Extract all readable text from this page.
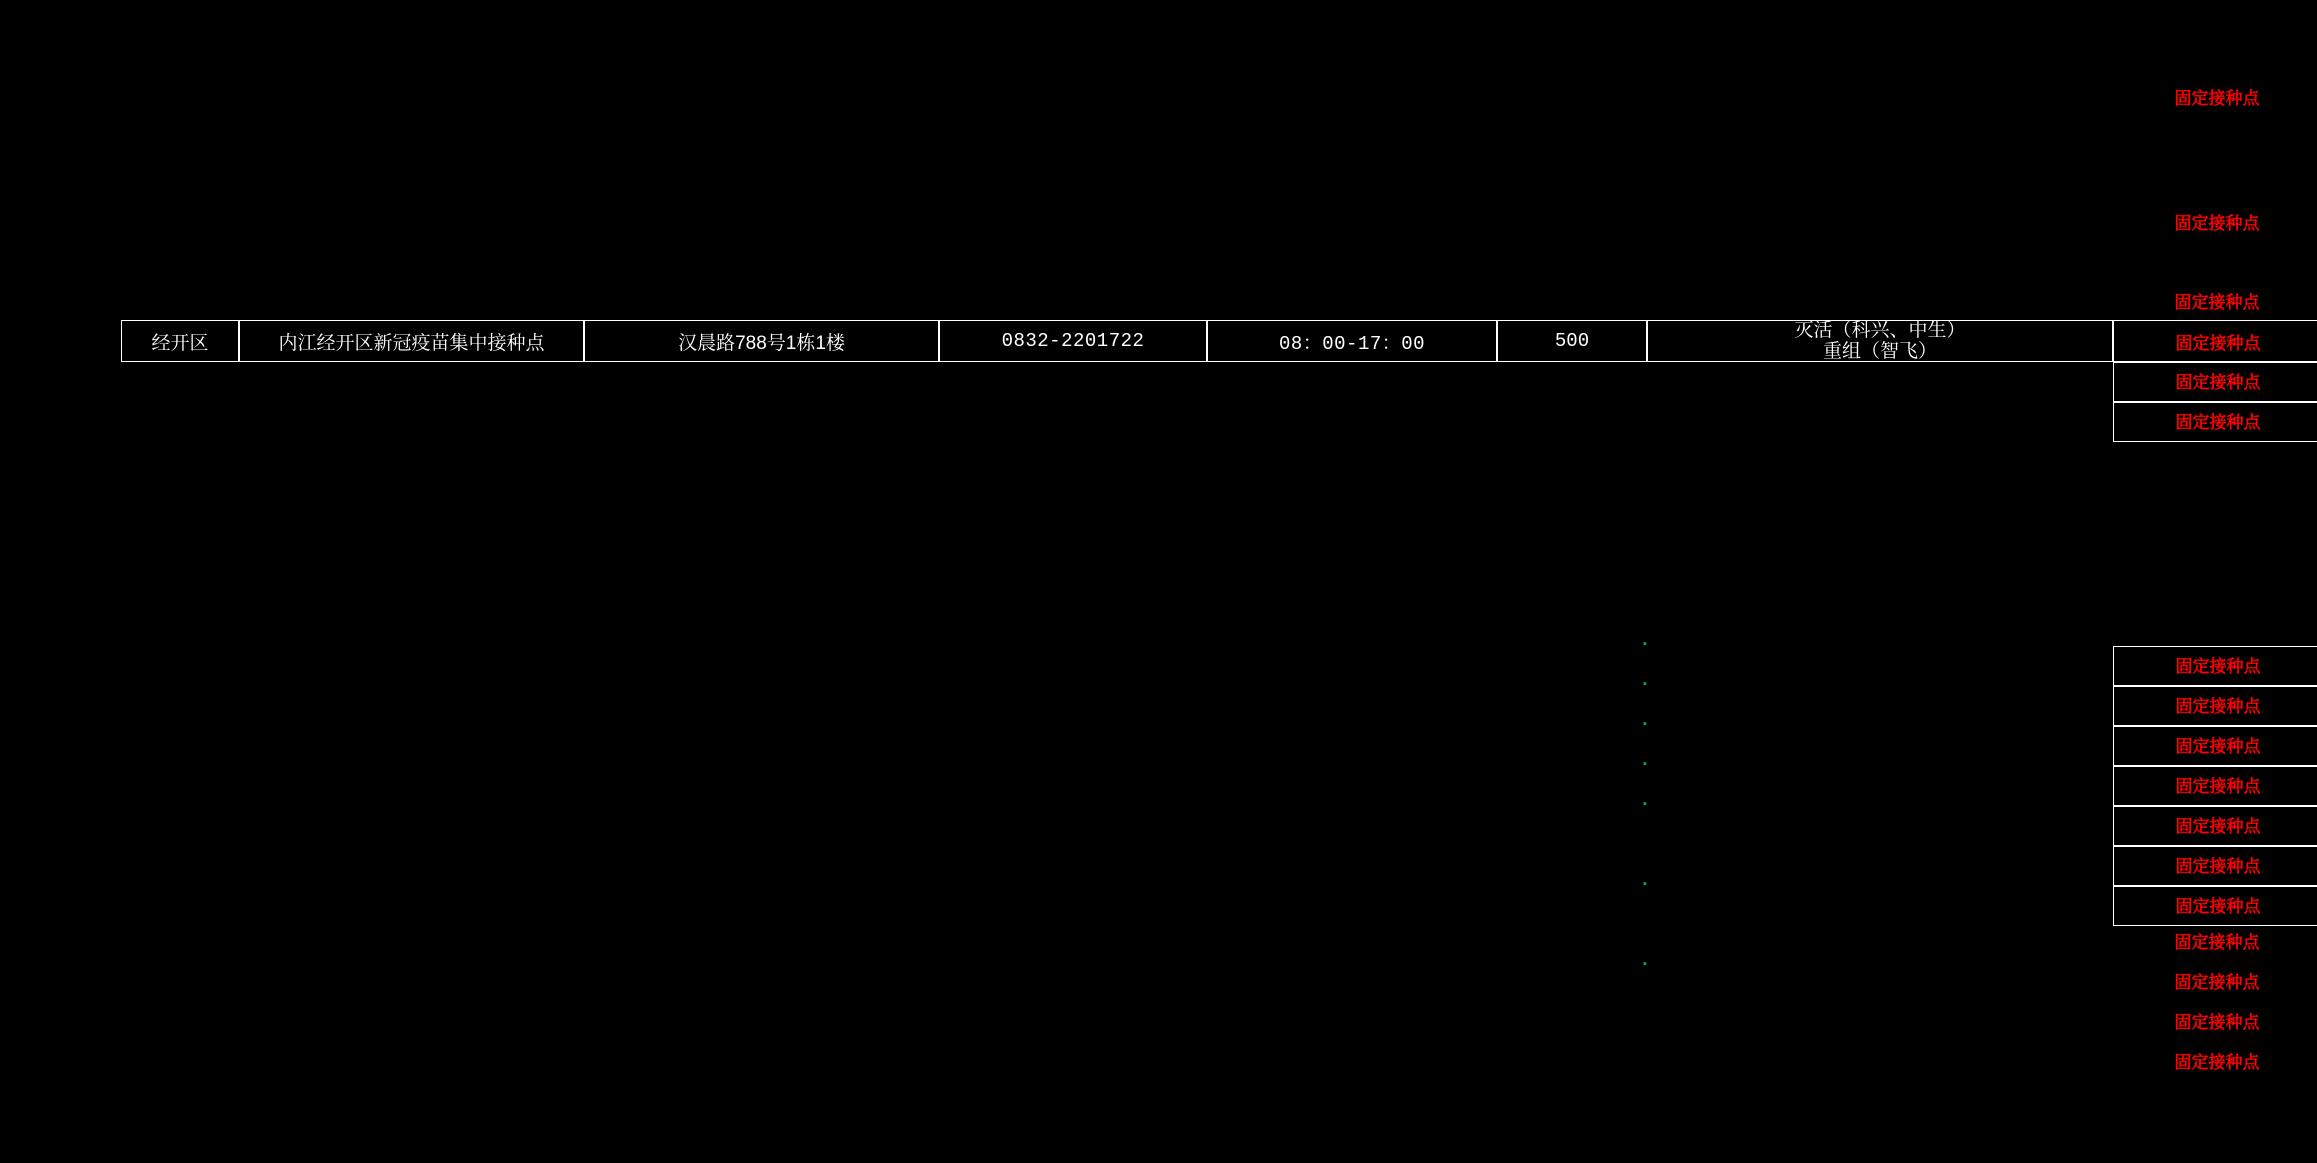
经开区	内江经开区新冠疫苗集中接种点	汉晨路788号1栋1楼	0832-2201722	08：00-17：00	500	灭活（科兴、中生）
重组（智飞）	固定接种点
固定接种点
固定接种点
固定接种点
固定接种点
固定接种点
固定接种点
固定接种点
固定接种点
固定接种点
固定接种点
固定接种点
固定接种点
固定接种点
固定接种点
固定接种点
固定接种点
▪
▪
▪
▪
▪
▪
▪
